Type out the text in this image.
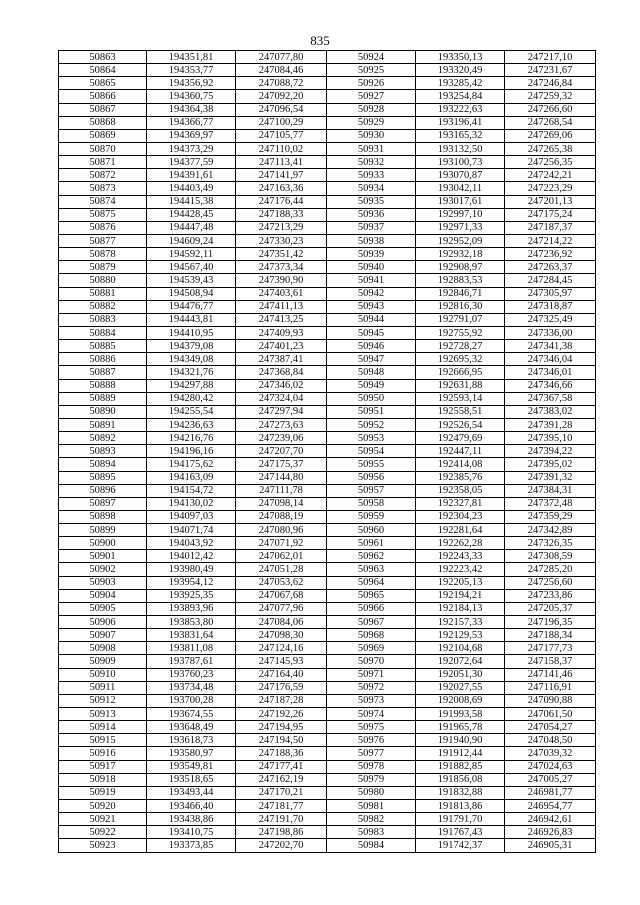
835
50863	194351,81	247077,80	50924	193350,13	247217,10
50864	194353,77	247084,46	50925	193320,49	247231,67
50865	194356,92	247088,72	50926	193285,42	247246,84
50866	194360,75	247092,20	50927	193254,84	247259,32
50867	194364,38	247096,54	50928	193222,63	247266,60
50868	194366,77	247100,29	50929	193196,41	247268,54
50869	194369,97	247105,77	50930	193165,32	247269,06
50870	194373,29	247110,02	50931	193132,50	247265,38
50871	194377,59	247113,41	50932	193100,73	247256,35
50872	194391,61	247141,97	50933	193070,87	247242,21
50873	194403,49	247163,36	50934	193042,11	247223,29
50874	194415,38	247176,44	50935	193017,61	247201,13
50875	194428,45	247188,33	50936	192997,10	247175,24
50876	194447,48	247213,29	50937	192971,33	247187,37
50877	194609,24	247330,23	50938	192952,09	247214,22
50878	194592,11	247351,42	50939	192932,18	247236,92
50879	194567,40	247373,34	50940	192908,97	247263,37
50880	194539,43	247390,90	50941	192883,53	247284,45
50881	194508,94	247403,61	50942	192846,71	247305,97
50882	194476,77	247411,13	50943	192816,30	247318,87
50883	194443,81	247413,25	50944	192791,07	247325,49
50884	194410,95	247409,93	50945	192755,92	247336,00
50885	194379,08	247401,23	50946	192728,27	247341,38
50886	194349,08	247387,41	50947	192695,32	247346,04
50887	194321,76	247368,84	50948	192666,95	247346,01
50888	194297,88	247346,02	50949	192631,88	247346,66
50889	194280,42	247324,04	50950	192593,14	247367,58
50890	194255,54	247297,94	50951	192558,51	247383,02
50891	194236,63	247273,63	50952	192526,54	247391,28
50892	194216,76	247239,06	50953	192479,69	247395,10
50893	194196,16	247207,70	50954	192447,11	247394,22
50894	194175,62	247175,37	50955	192414,08	247395,02
50895	194163,09	247144,80	50956	192385,76	247391,32
50896	194154,72	247111,78	50957	192358,05	247384,31
50897	194130,02	247098,14	50958	192327,81	247372,48
50898	194097,03	247088,19	50959	192304,23	247359,29
50899	194071,74	247080,96	50960	192281,64	247342,89
50900	194043,92	247071,92	50961	192262,28	247326,35
50901	194012,42	247062,01	50962	192243,33	247308,59
50902	193980,49	247051,28	50963	192223,42	247285,20
50903	193954,12	247053,62	50964	192205,13	247256,60
50904	193925,35	247067,68	50965	192194,21	247233,86
50905	193893,96	247077,96	50966	192184,13	247205,37
50906	193853,80	247084,06	50967	192157,33	247196,35
50907	193831,64	247098,30	50968	192129,53	247188,34
50908	193811,08	247124,16	50969	192104,68	247177,73
50909	193787,61	247145,93	50970	192072,64	247158,37
50910	193760,23	247164,40	50971	192051,30	247141,46
50911	193734,48	247176,59	50972	192027,55	247116,91
50912	193700,28	247187,28	50973	192008,69	247090,88
50913	193674,55	247192,26	50974	191993,58	247061,50
50914	193648,49	247194,95	50975	191965,78	247054,27
50915	193618,73	247194,50	50976	191940,90	247048,50
50916	193580,97	247188,36	50977	191912,44	247039,32
50917	193549,81	247177,41	50978	191882,85	247024,63
50918	193518,65	247162,19	50979	191856,08	247005,27
50919	193493,44	247170,21	50980	191832,88	246981,77
50920	193466,40	247181,77	50981	191813,86	246954,77
50921	193438,86	247191,70	50982	191791,70	246942,61
50922	193410,75	247198,86	50983	191767,43	246926,83
50923	193373,85	247202,70	50984	191742,37	246905,31
